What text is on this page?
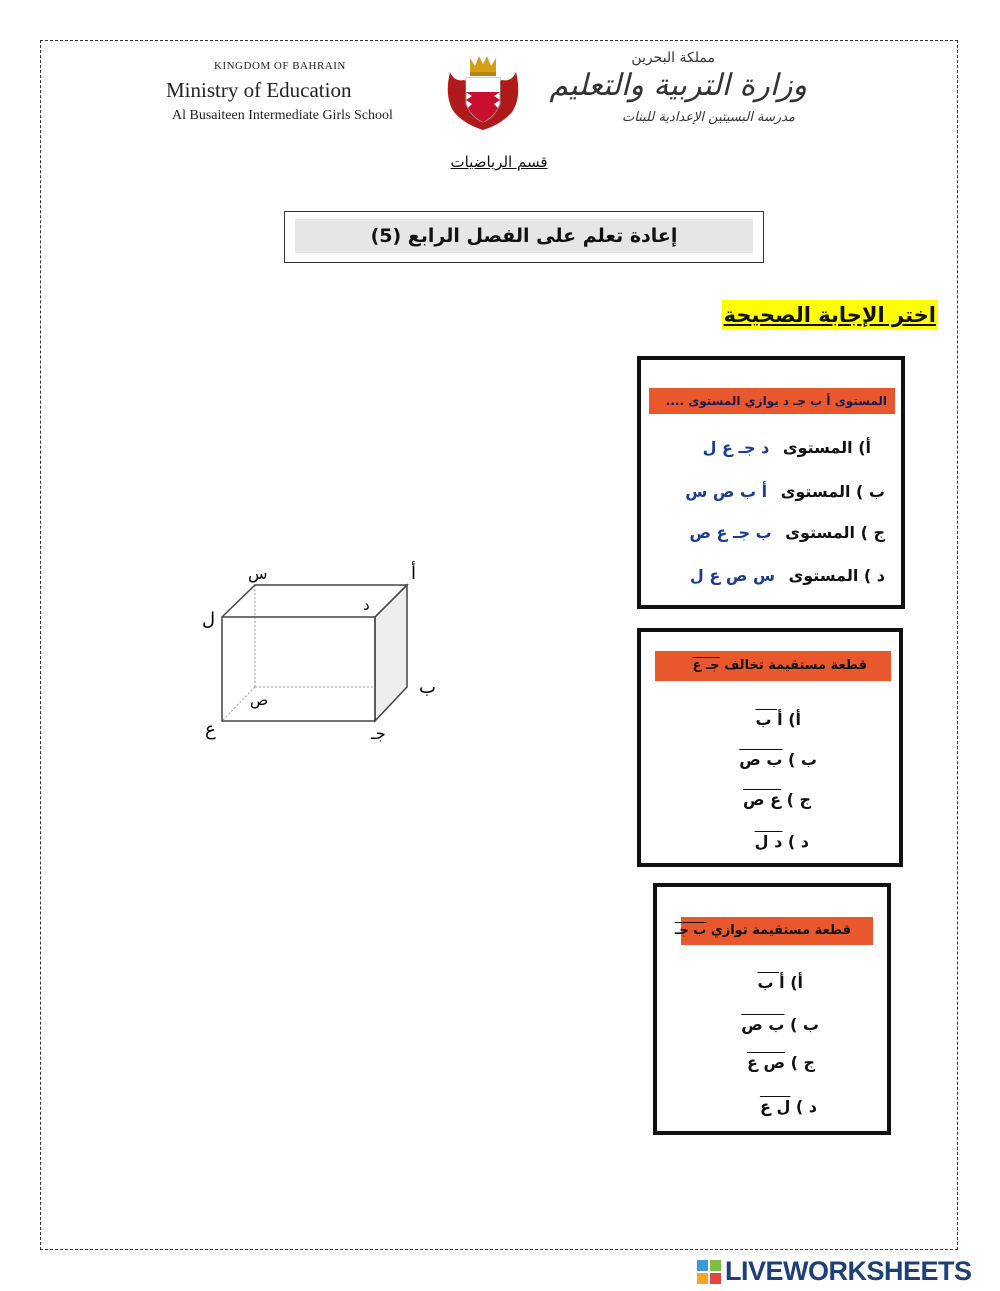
KINGDOM OF BAHRAIN
Ministry of Education
Al Busaiteen Intermediate Girls School
مملكة البحرين
وزارة التربية والتعليم
مدرسة البسيتين الإعدادية للبنات
قسم الرياضيات
إعادة تعلم على الفصل الرابع (5)
اختر الإجابة الصحيحة
س	أ
د
ل
ب
ص
ع	جـ
المستوى أ ب جـ د يوازي المستوى ....
أ) المستوى د جـ ع ل
ب ) المستوى أ ب ص س
ج ) المستوى ب جـ ع ص
د ) المستوى س ص ع ل
قطعة مستقيمة تخالف جـ ع
أ) أ ب
ب ) ب ص
ج ) ع ص
د ) د ل
قطعة مستقيمة توازي ب جـ
أ) أ ب
ب ) ب ص
ج ) ص ع
د ) ل ع
LIVEWORKSHEETS
